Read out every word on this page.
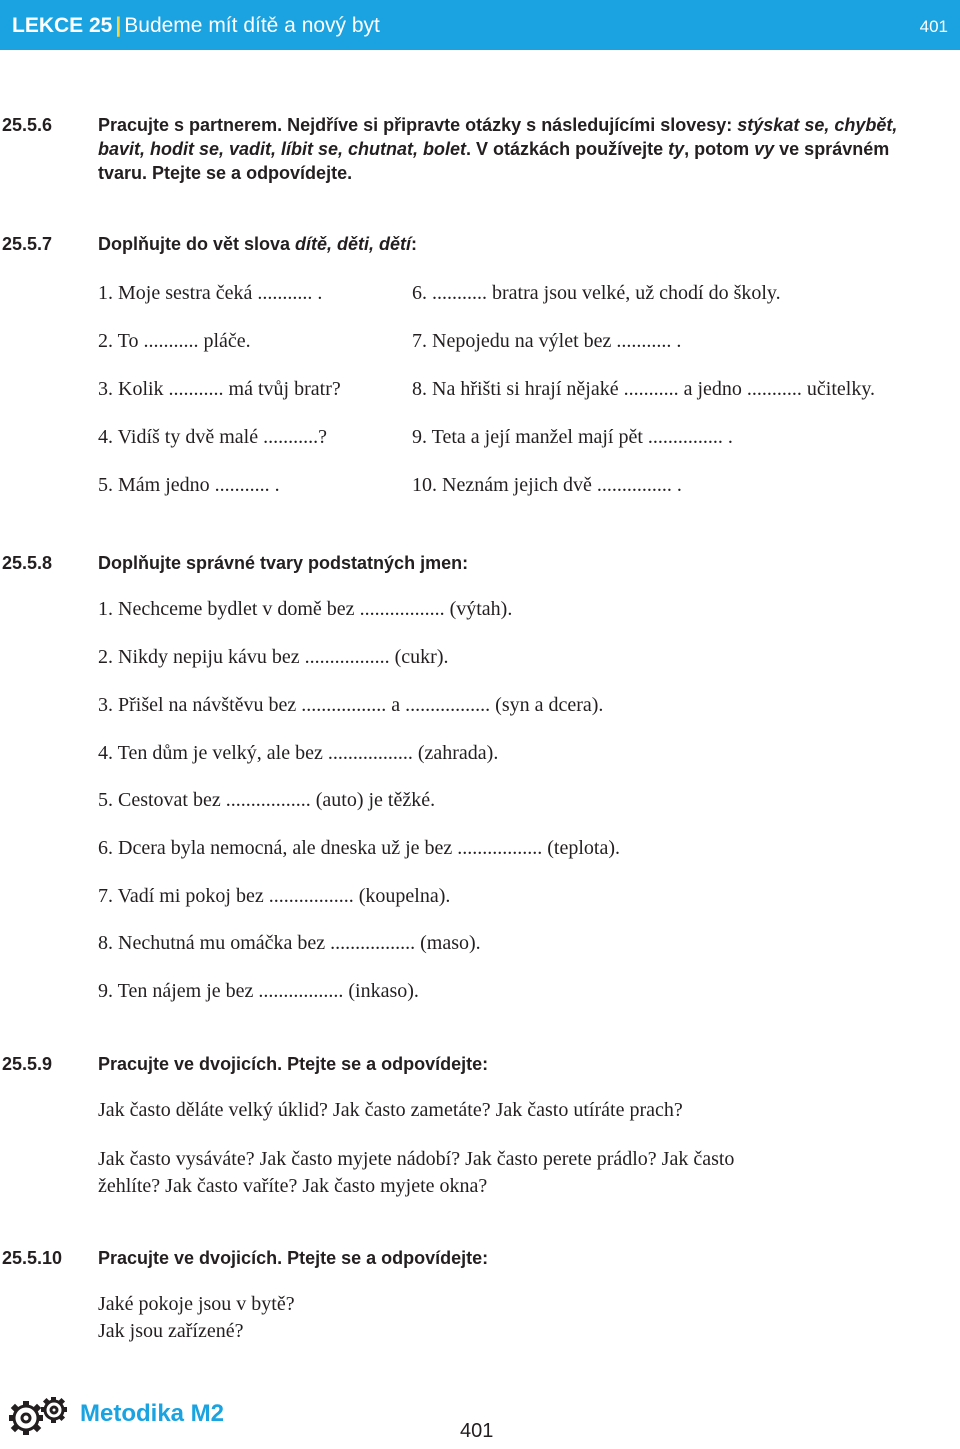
LEKCE 25 | Budeme mít dítě a nový byt	401
25.5.6	Pracujte s partnerem. Nejdříve si připravte otázky s následujícími slovesy: stýskat se, chybět, bavit, hodit se, vadit, líbit se, chutnat, bolet. V otázkách používejte ty, potom vy ve správném tvaru. Ptejte se a odpovídejte.
25.5.7	Doplňujte do vět slova dítě, děti, dětí:
1. Moje sestra čeká ........... .
2. To ........... pláče.
3. Kolik ........... má tvůj bratr?
4. Vidíš ty dvě malé ...........?
5. Mám jedno ........... .
6. ........... bratra jsou velké, už chodí do školy.
7. Nepojedu na výlet bez ........... .
8. Na hřišti si hrají nějaké ........... a jedno ........... učitelky.
9. Teta a její manžel mají pět ............... .
10. Neznám jejich dvě ............... .
25.5.8	Doplňujte správné tvary podstatných jmen:
1. Nechceme bydlet v domě bez ................. (výtah).
2. Nikdy nepiju kávu bez ................. (cukr).
3. Přišel na návštěvu bez ................. a ................. (syn a dcera).
4. Ten dům je velký, ale bez ................. (zahrada).
5. Cestovat bez ................. (auto) je těžké.
6. Dcera byla nemocná, ale dneska už je bez ................. (teplota).
7. Vadí mi pokoj bez ................. (koupelna).
8. Nechutná mu omáčka bez ................. (maso).
9. Ten nájem je bez ................. (inkaso).
25.5.9	Pracujte ve dvojicích. Ptejte se a odpovídejte:
Jak často děláte velký úklid? Jak často zametáte? Jak často utíráte prach?
Jak často vysáváte? Jak často myjete nádobí? Jak často perete prádlo? Jak často žehlíte? Jak často vaříte? Jak často myjete okna?
25.5.10 Pracujte ve dvojicích. Ptejte se a odpovídejte:
Jaké pokoje jsou v bytě?
Jak jsou zařízené?
Metodika M2
401
